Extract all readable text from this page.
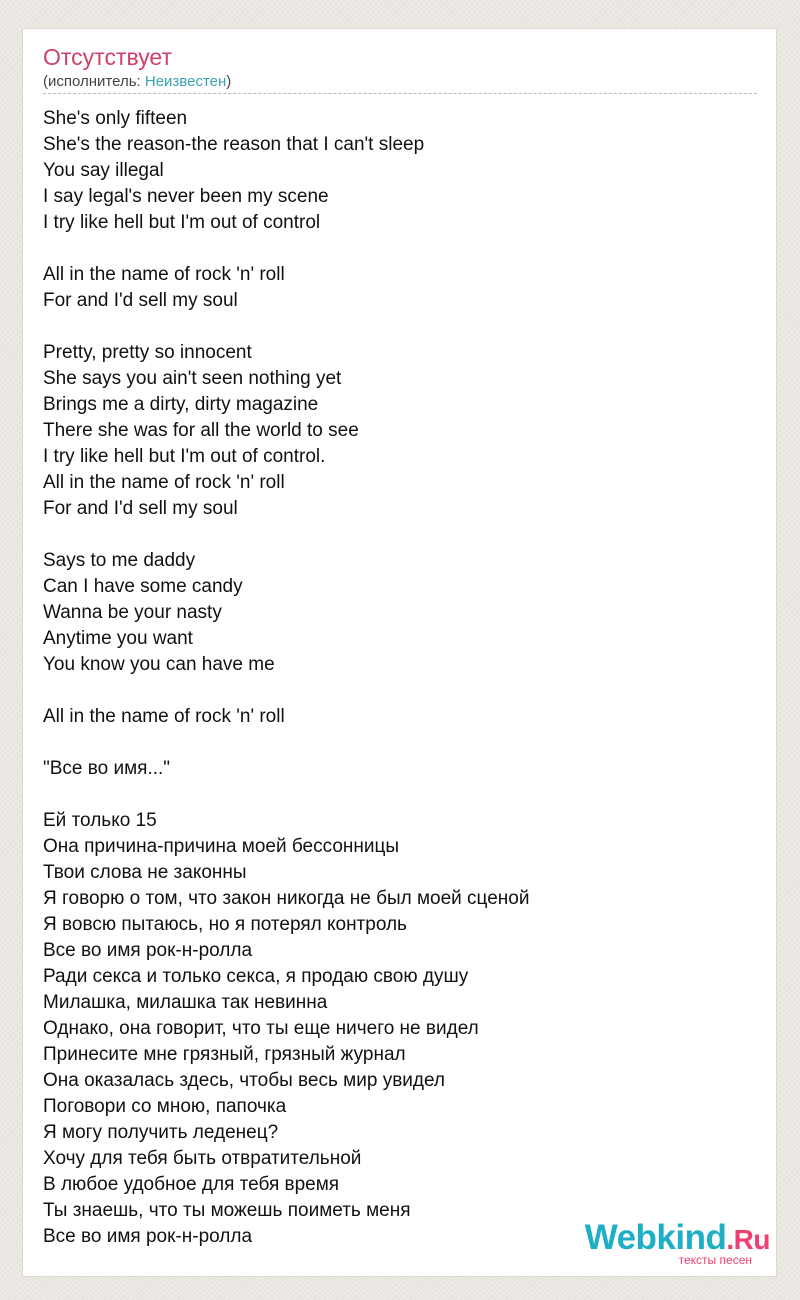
Отсутствует
(исполнитель: Неизвестен)
She's only fifteen
She's the reason-the reason that I can't sleep
You say illegal
I say legal's never been my scene
I try like hell but I'm out of control
All in the name of rock 'n' roll
For and I'd sell my soul
Pretty, pretty so innocent
She says you ain't seen nothing yet
Brings me a dirty, dirty magazine
There she was for all the world to see
I try like hell but I'm out of control.
All in the name of rock 'n' roll
For and I'd sell my soul
Says to me daddy
Can I have some candy
Wanna be your nasty
Anytime you want
You know you can have me
All in the name of rock 'n' roll
"Все во имя..."
Ей только 15
Она причина-причина моей бессонницы
Твои слова не законны
Я говорю о том, что закон никогда не был моей сценой
Я вовсю пытаюсь, но я потерял контроль
Все во имя рок-н-ролла
Ради секса и только секса, я продаю свою душу
Милашка, милашка так невинна
Однако, она говорит, что ты еще ничего не видел
Принесите мне грязный, грязный журнал
Она оказалась здесь, чтобы весь мир увидел
Поговори со мною, папочка
Я могу получить леденец?
Хочу для тебя быть отвратительной
В любое удобное для тебя время
Ты знаешь, что ты можешь поиметь меня
Все во имя рок-н-ролла	Webkind.Ru
тексты песен
